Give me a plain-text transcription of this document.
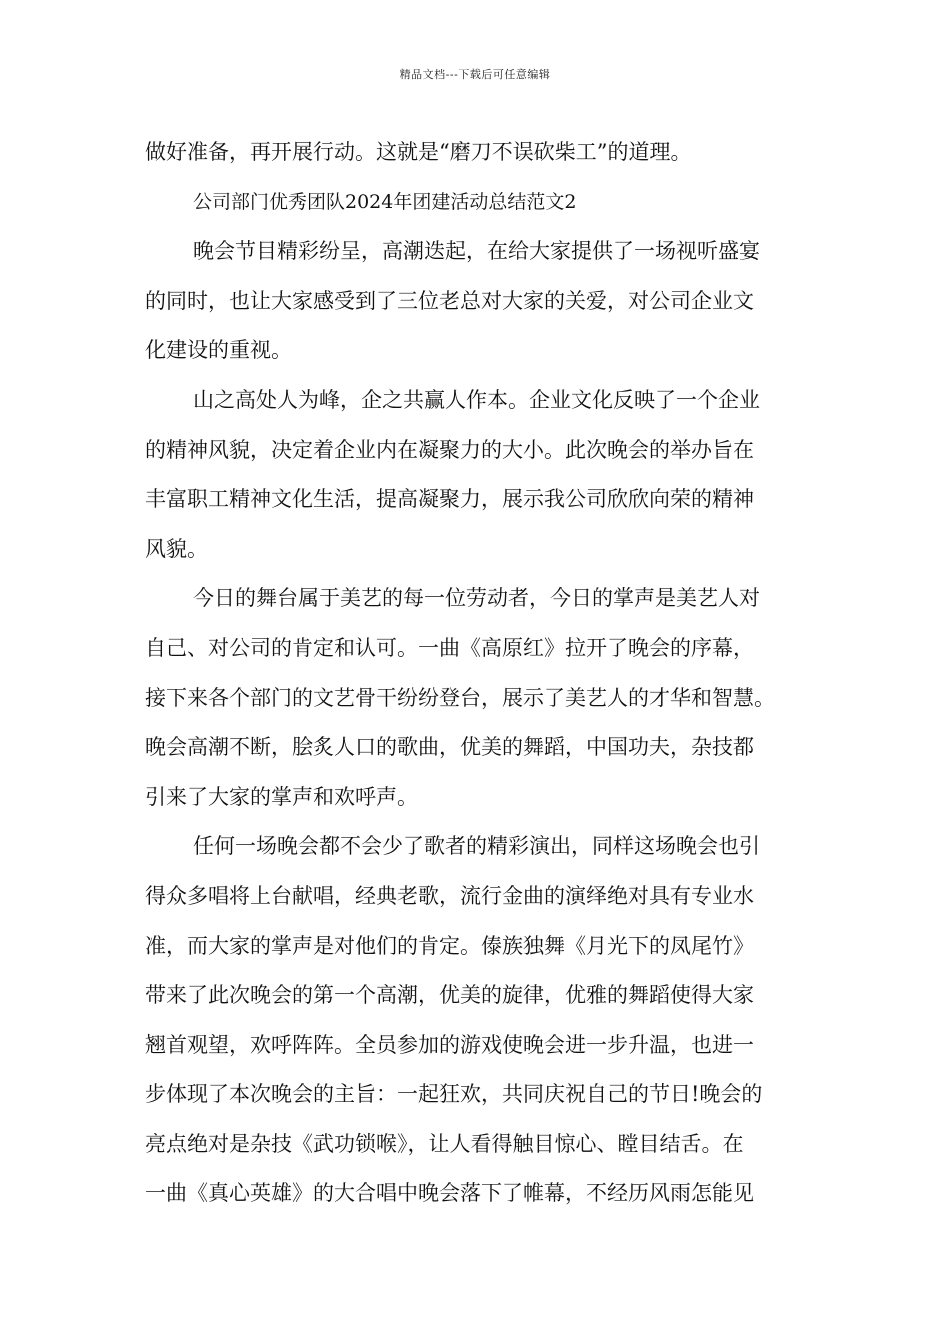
精品文档---下载后可任意编辑
做好准备，再开展行动。这就是“磨刀不误砍柴工”的道理。
公司部门优秀团队2024年团建活动总结范文2
晚会节目精彩纷呈，高潮迭起，在给大家提供了一场视听盛宴
的同时，也让大家感受到了三位老总对大家的关爱，对公司企业文
化建设的重视。
山之高处人为峰，企之共赢人作本。企业文化反映了一个企业
的精神风貌，决定着企业内在凝聚力的大小。此次晚会的举办旨在
丰富职工精神文化生活，提高凝聚力，展示我公司欣欣向荣的精神
风貌。
今日的舞台属于美艺的每一位劳动者，今日的掌声是美艺人对
自己、对公司的肯定和认可。一曲《高原红》拉开了晚会的序幕，
接下来各个部门的文艺骨干纷纷登台，展示了美艺人的才华和智慧。
晚会高潮不断，脍炙人口的歌曲，优美的舞蹈，中国功夫，杂技都
引来了大家的掌声和欢呼声。
任何一场晚会都不会少了歌者的精彩演出，同样这场晚会也引
得众多唱将上台献唱，经典老歌，流行金曲的演绎绝对具有专业水
准，而大家的掌声是对他们的肯定。傣族独舞《月光下的凤尾竹》
带来了此次晚会的第一个高潮，优美的旋律，优雅的舞蹈使得大家
翘首观望，欢呼阵阵。全员参加的游戏使晚会进一步升温，也进一
步体现了本次晚会的主旨：一起狂欢，共同庆祝自己的节日!晚会的
亮点绝对是杂技《武功锁喉》，让人看得触目惊心、瞠目结舌。在
一曲《真心英雄》的大合唱中晚会落下了帷幕，不经历风雨怎能见
